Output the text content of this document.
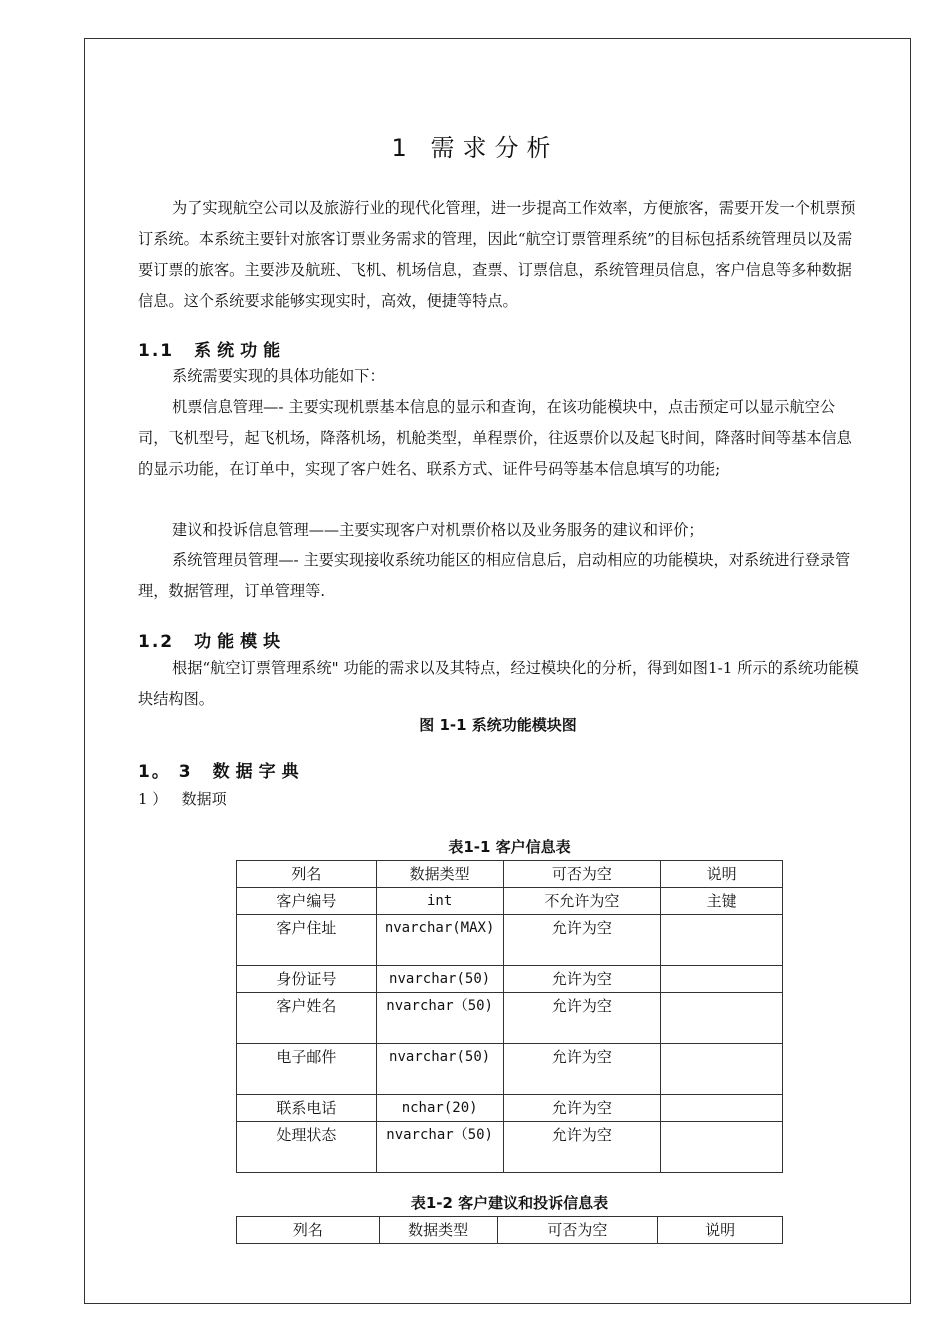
1 需求分析

为了实现航空公司以及旅游行业的现代化管理，进一步提高工作效率，方便旅客，需要开发一个机票预订系统。本系统主要针对旅客订票业务需求的管理，因此“航空订票管理系统”的目标包括系统管理员以及需要订票的旅客。主要涉及航班、飞机、机场信息，查票、订票信息，系统管理员信息，客户信息等多种数据信息。这个系统要求能够实现实时，高效，便捷等特点。

1.1 系统功能

系统需要实现的具体功能如下：

机票信息管理—- 主要实现机票基本信息的显示和查询，在该功能模块中，点击预定可以显示航空公司，飞机型号，起飞机场，降落机场，机舱类型，单程票价，往返票价以及起飞时间，降落时间等基本信息的显示功能，在订单中，实现了客户姓名、联系方式、证件号码等基本信息填写的功能;

建议和投诉信息管理——主要实现客户对机票价格以及业务服务的建议和评价；

系统管理员管理—- 主要实现接收系统功能区的相应信息后，启动相应的功能模块，对系统进行登录管理，数据管理，订单管理等.

1.2 功能模块

根据“航空订票管理系统" 功能的需求以及其特点，经过模块化的分析，得到如图1-1 所示的系统功能模块结构图。

图 1-1 系统功能模块图
1。 3 数据字典
1 ）   数据项
表1-1 客户信息表
列名	数据类型	可否为空	说明
客户编号	int	不允许为空	主键
客户住址	nvarchar(MAX)	允许为空	
身份证号	nvarchar(50)	允许为空	
客户姓名	nvarchar（50)	允许为空	
电子邮件	nvarchar(50)	允许为空	
联系电话	nchar(20)	允许为空	
处理状态	nvarchar（50)	允许为空	
表1-2 客户建议和投诉信息表
列名	数据类型	可否为空	说明
